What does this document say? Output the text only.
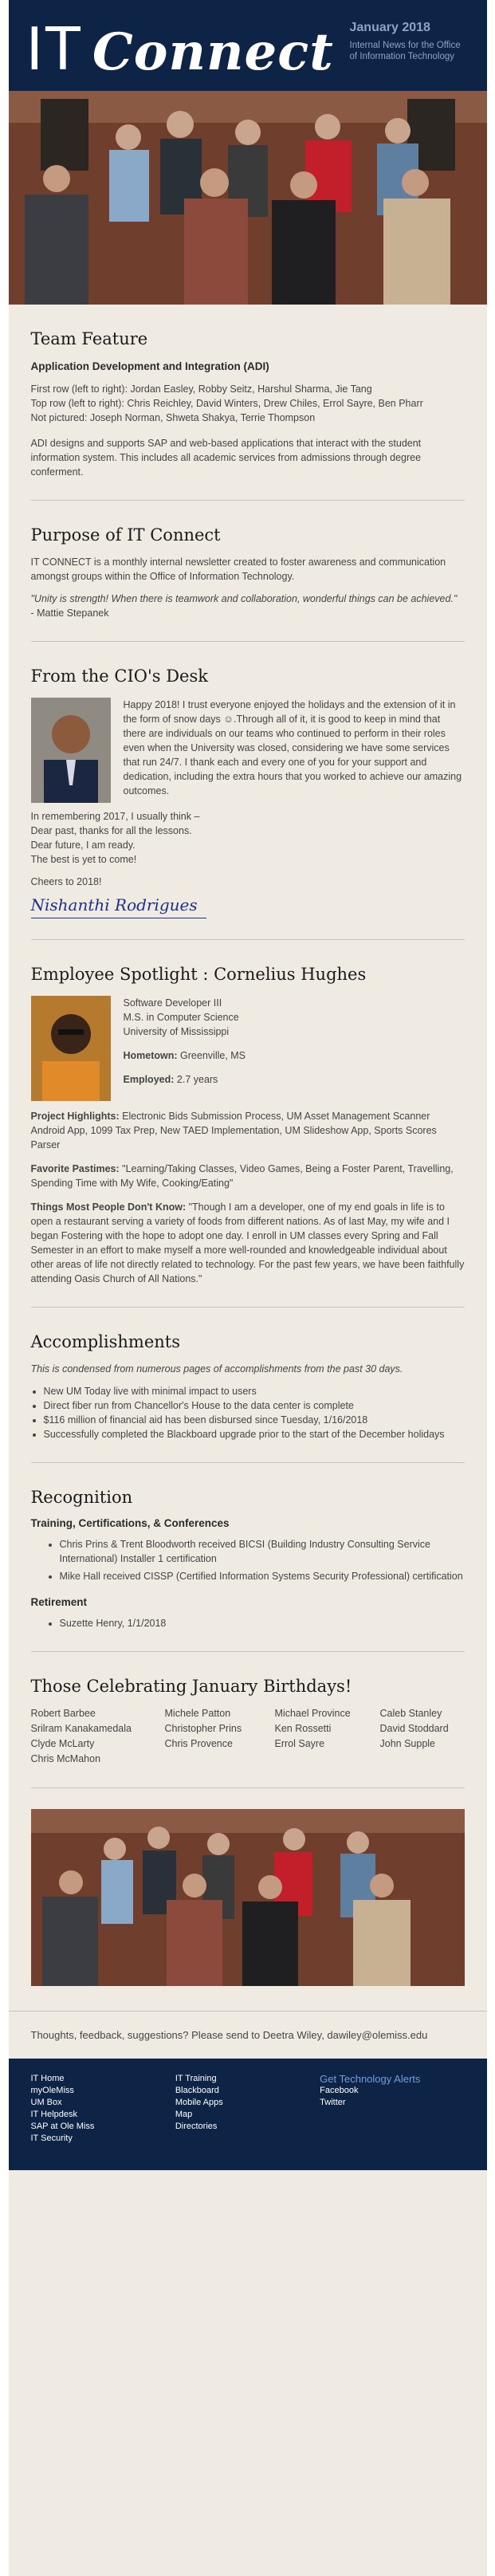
IT Connect	January 2018
Internal News for the Office of Information Technology
Team Feature
Application Development and Integration (ADI)

First row (left to right): Jordan Easley, Robby Seitz, Harshul Sharma, Jie Tang

Top row (left to right): Chris Reichley, David Winters, Drew Chiles, Errol Sayre, Ben Pharr

Not pictured: Joseph Norman, Shweta Shakya, Terrie Thompson

ADI designs and supports SAP and web-based applications that interact with the student information system. This includes all academic services from admissions through degree conferment.

Purpose of IT Connect

IT CONNECT is a monthly internal newsletter created to foster awareness and communication amongst groups within the Office of Information Technology.

"Unity is strength! When there is teamwork and collaboration, wonderful things can be achieved."

- Mattie Stepanek

From the CIO's Desk

Happy 2018! I trust everyone enjoyed the holidays and the extension of it in the form of snow days ☺.Through all of it, it is good to keep in mind that there are individuals on our teams who continued to perform in their roles even when the University was closed, considering we have some services that run 24/7. I thank each and every one of you for your support and dedication, including the extra hours that you worked to achieve our amazing outcomes.

In remembering 2017, I usually think –

Dear past, thanks for all the lessons.

Dear future, I am ready.

The best is yet to come!

Cheers to 2018!

Nishanthi Rodrigues
Employee Spotlight : Cornelius Hughes

Software Developer III

M.S. in Computer Science

University of Mississippi

Hometown: Greenville, MS

Employed: 2.7 years

Project Highlights: Electronic Bids Submission Process, UM Asset Management Scanner Android App, 1099 Tax Prep, New TAED Implementation, UM Slideshow App, Sports Scores Parser

Favorite Pastimes: "Learning/Taking Classes, Video Games, Being a Foster Parent, Travelling, Spending Time with My Wife, Cooking/Eating"

Things Most People Don't Know: "Though I am a developer, one of my end goals in life is to open a restaurant serving a variety of foods from different nations. As of last May, my wife and I began Fostering with the hope to adopt one day. I enroll in UM classes every Spring and Fall Semester in an effort to make myself a more well-rounded and knowledgeable individual about other areas of life not directly related to technology. For the past few years, we have been faithfully attending Oasis Church of All Nations."

Accomplishments

This is condensed from numerous pages of accomplishments from the past 30 days.

• New UM Today live with minimal impact to users
• Direct fiber run from Chancellor's House to the data center is complete
• $116 million of financial aid has been disbursed since Tuesday, 1/16/2018
• Successfully completed the Blackboard upgrade prior to the start of the December holidays
Recognition
Training, Certifications, & Conferences
• Chris Prins & Trent Bloodworth received BICSI (Building Industry Consulting Service International) Installer 1 certification
• Mike Hall received CISSP (Certified Information Systems Security Professional) certification
Retirement
• Suzette Henry, 1/1/2018
Those Celebrating January Birthdays!
Robert Barbee
Srilram Kanakamedala
Clyde McLarty
Chris McMahon
Michele Patton
Christopher Prins
Chris Provence
Michael Province
Ken Rossetti
Errol Sayre
Caleb Stanley
David Stoddard
John Supple
Thoughts, feedback, suggestions? Please send to Deetra Wiley, dawiley@olemiss.edu
IT Home
myOleMiss
UM Box
IT Helpdesk
SAP at Ole Miss
IT Security
IT Training
Blackboard
Mobile Apps
Map
Directories
Get Technology Alerts
Facebook
Twitter
